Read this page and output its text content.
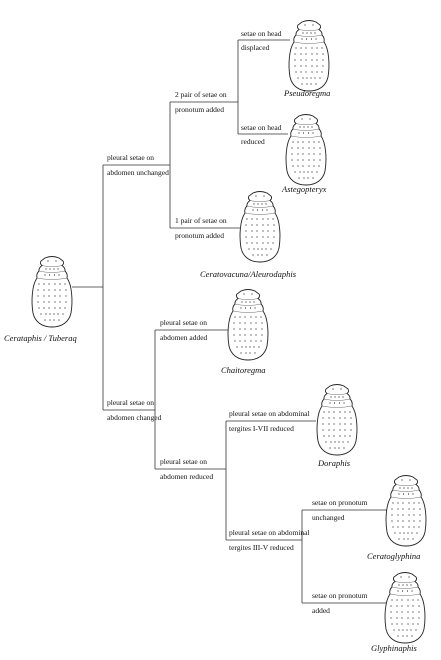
pleural setae on
abdomen unchanged
pleural setae on
abdomen changed
2 pair of setae on
pronotum added
1 pair of setae on
pronotum added
setae on head
displaced
setae on head
reduced
pleural setae on
abdomen added
pleural setae on
abdomen reduced
pleural setae on abdominal
tergites I-VII reduced
pleural setae on abdominal
tergites III-V reduced
setae on pronotum
unchanged
setae on pronotum
added
Cerataphis / Tuberaq
Pseudoregma
Astegopteryx
Ceratovacuna/Aleurodaphis
Chaitoregma
Doraphis
Ceratoglyphina
Glyphinaphis
